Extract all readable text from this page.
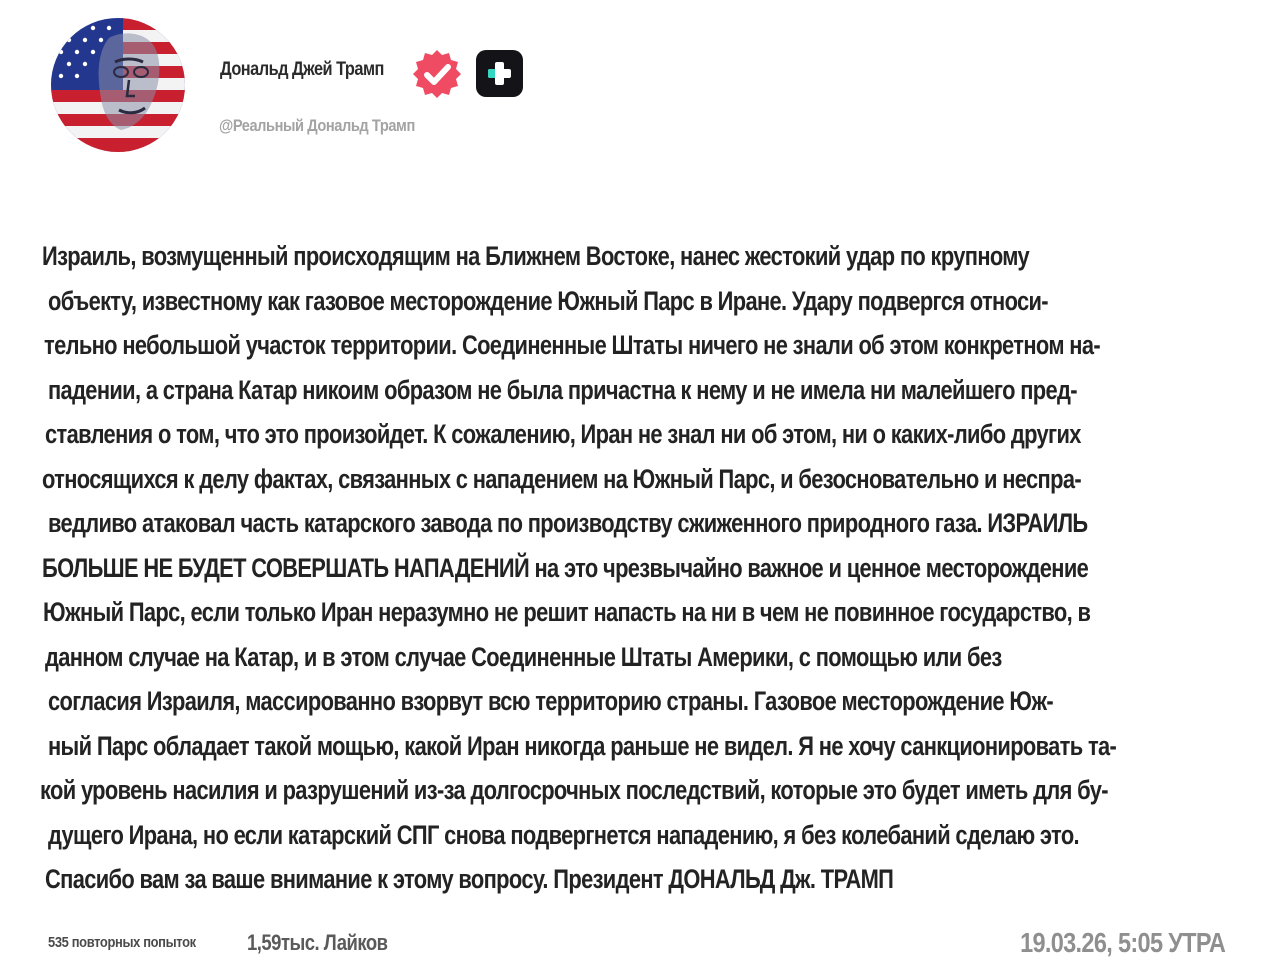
Дональд Джей Трамп
@Реальный Дональд Трамп
Израиль, возмущенный происходящим на Ближнем Востоке, нанес жестокий удар по крупному
объекту, известному как газовое месторождение Южный Парс в Иране. Удару подвергся относи-
тельно небольшой участок территории. Соединенные Штаты ничего не знали об этом конкретном на-
падении, а страна Катар никоим образом не была причастна к нему и не имела ни малейшего пред-
ставления о том, что это произойдет. К сожалению, Иран не знал ни об этом, ни о каких-либо других
относящихся к делу фактах, связанных с нападением на Южный Парс, и безосновательно и неспра-
ведливо атаковал часть катарского завода по производству сжиженного природного газа. ИЗРАИЛЬ
БОЛЬШЕ НЕ БУДЕТ СОВЕРШАТЬ НАПАДЕНИЙ на это чрезвычайно важное и ценное месторождение
Южный Парс, если только Иран неразумно не решит напасть на ни в чем не повинное государство, в
данном случае на Катар, и в этом случае Соединенные Штаты Америки, с помощью или без
согласия Израиля, массированно взорвут всю территорию страны. Газовое месторождение Юж-
ный Парс обладает такой мощью, какой Иран никогда раньше не видел. Я не хочу санкционировать та-
кой уровень насилия и разрушений из-за долгосрочных последствий, которые это будет иметь для бу-
дущего Ирана, но если катарский СПГ снова подвергнется нападению, я без колебаний сделаю это.
Спасибо вам за ваше внимание к этому вопросу. Президент ДОНАЛЬД Дж. ТРАМП
535 повторных попыток 1,59тыс. Лайков	19.03.26, 5:05 УТРА
